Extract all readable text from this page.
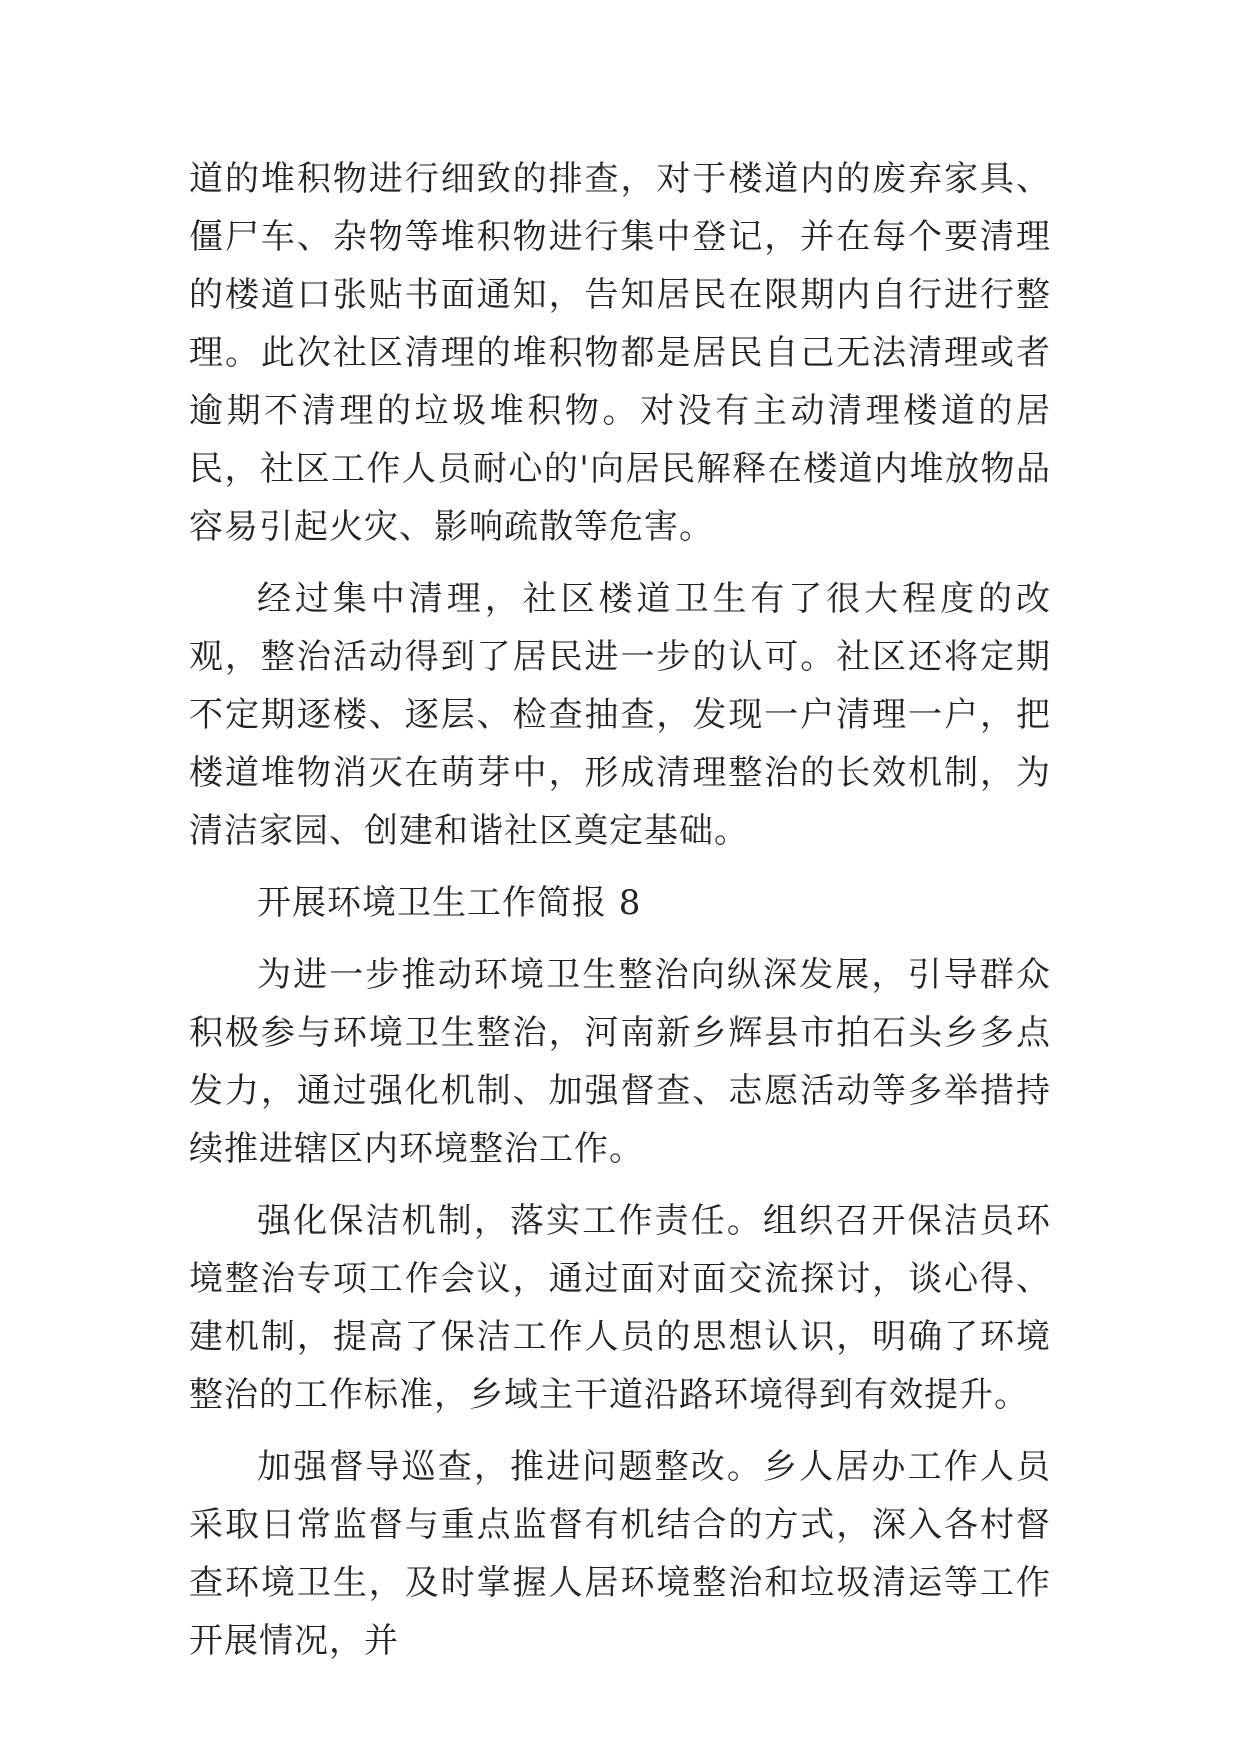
道的堆积物进行细致的排查，对于楼道内的废弃家具、僵尸车、杂物等堆积物进行集中登记，并在每个要清理的楼道口张贴书面通知，告知居民在限期内自行进行整理。此次社区清理的堆积物都是居民自己无法清理或者逾期不清理的垃圾堆积物。对没有主动清理楼道的居民，社区工作人员耐心的'向居民解释在楼道内堆放物品容易引起火灾、影响疏散等危害。

经过集中清理，社区楼道卫生有了很大程度的改观，整治活动得到了居民进一步的认可。社区还将定期不定期逐楼、逐层、检查抽查，发现一户清理一户，把楼道堆物消灭在萌芽中，形成清理整治的长效机制，为清洁家园、创建和谐社区奠定基础。

开展环境卫生工作简报 8

为进一步推动环境卫生整治向纵深发展，引导群众积极参与环境卫生整治，河南新乡辉县市拍石头乡多点发力，通过强化机制、加强督查、志愿活动等多举措持续推进辖区内环境整治工作。

强化保洁机制，落实工作责任。组织召开保洁员环境整治专项工作会议，通过面对面交流探讨，谈心得、建机制，提高了保洁工作人员的思想认识，明确了环境整治的工作标准，乡域主干道沿路环境得到有效提升。

加强督导巡查，推进问题整改。乡人居办工作人员采取日常监督与重点监督有机结合的方式，深入各村督查环境卫生，及时掌握人居环境整治和垃圾清运等工作开展情况，并
